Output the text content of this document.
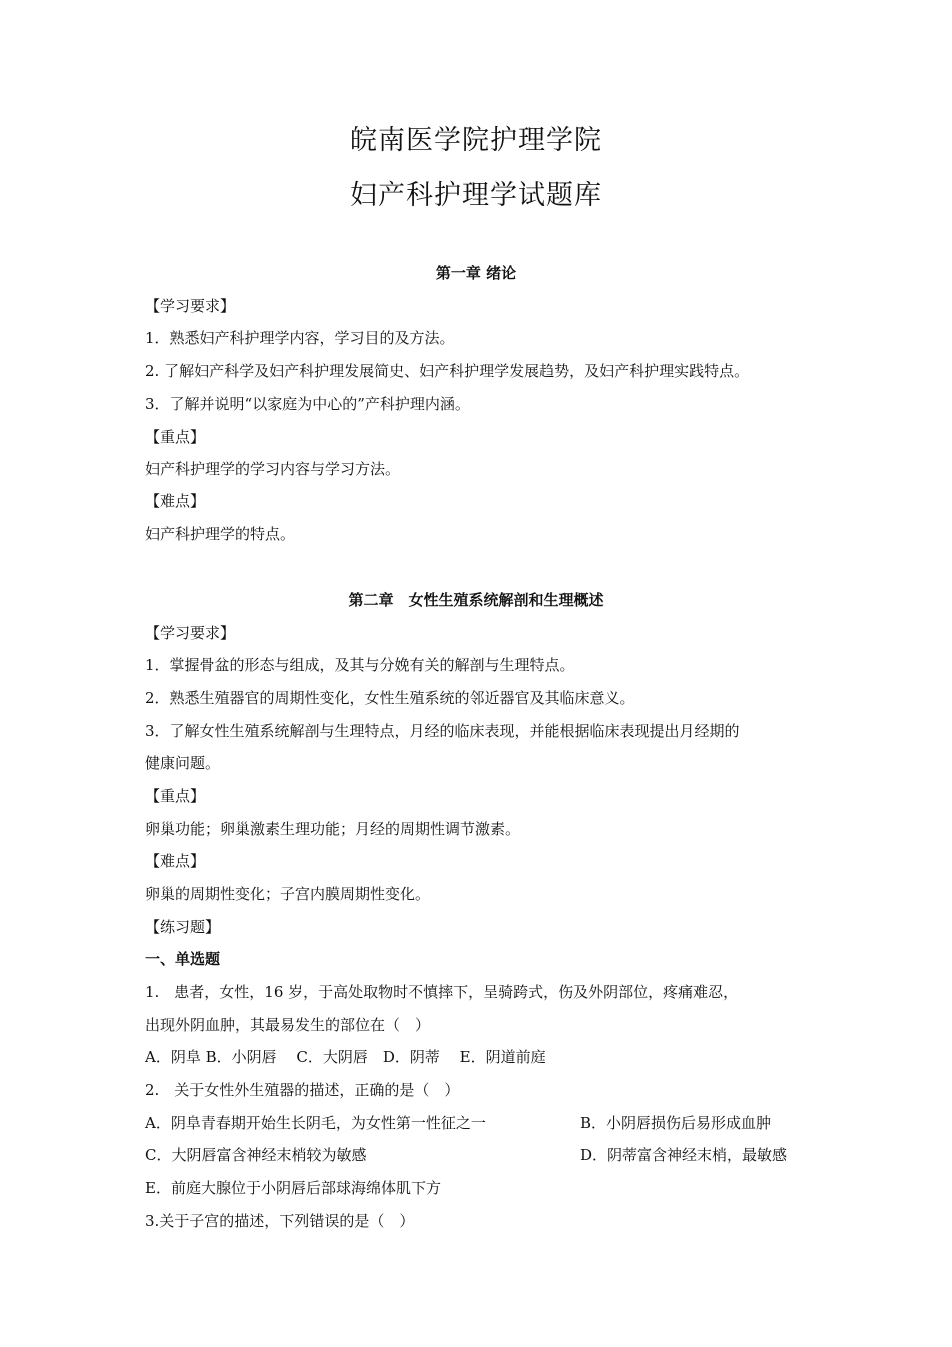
皖南医学院护理学院
妇产科护理学试题库
第一章 绪论
【学习要求】
1．熟悉妇产科护理学内容，学习目的及方法。
2. 了解妇产科学及妇产科护理发展简史、妇产科护理学发展趋势，及妇产科护理实践特点。
3．了解并说明“以家庭为中心的”产科护理内涵。
【重点】
妇产科护理学的学习内容与学习方法。
【难点】
妇产科护理学的特点。
第二章　女性生殖系统解剖和生理概述
【学习要求】
1．掌握骨盆的形态与组成，及其与分娩有关的解剖与生理特点。
2．熟悉生殖器官的周期性变化，女性生殖系统的邻近器官及其临床意义。
3．了解女性生殖系统解剖与生理特点，月经的临床表现，并能根据临床表现提出月经期的
健康问题。
【重点】
卵巢功能；卵巢激素生理功能；月经的周期性调节激素。
【难点】
卵巢的周期性变化；子宫内膜周期性变化。
【练习题】
一、单选题
1.　患者，女性，16 岁，于高处取物时不慎摔下，呈骑跨式，伤及外阴部位，疼痛难忍，
出现外阴血肿，其最易发生的部位在（　）
A．阴阜 B．小阴唇　 C．大阴唇　D．阴蒂　 E．阴道前庭
2.　关于女性外生殖器的描述，正确的是（　）
A．阴阜青春期开始生长阴毛，为女性第一性征之一	B．小阴唇损伤后易形成血肿
C．大阴唇富含神经末梢较为敏感	D．阴蒂富含神经末梢，最敏感
E．前庭大腺位于小阴唇后部球海绵体肌下方
3.关于子宫的描述，下列错误的是（　）
